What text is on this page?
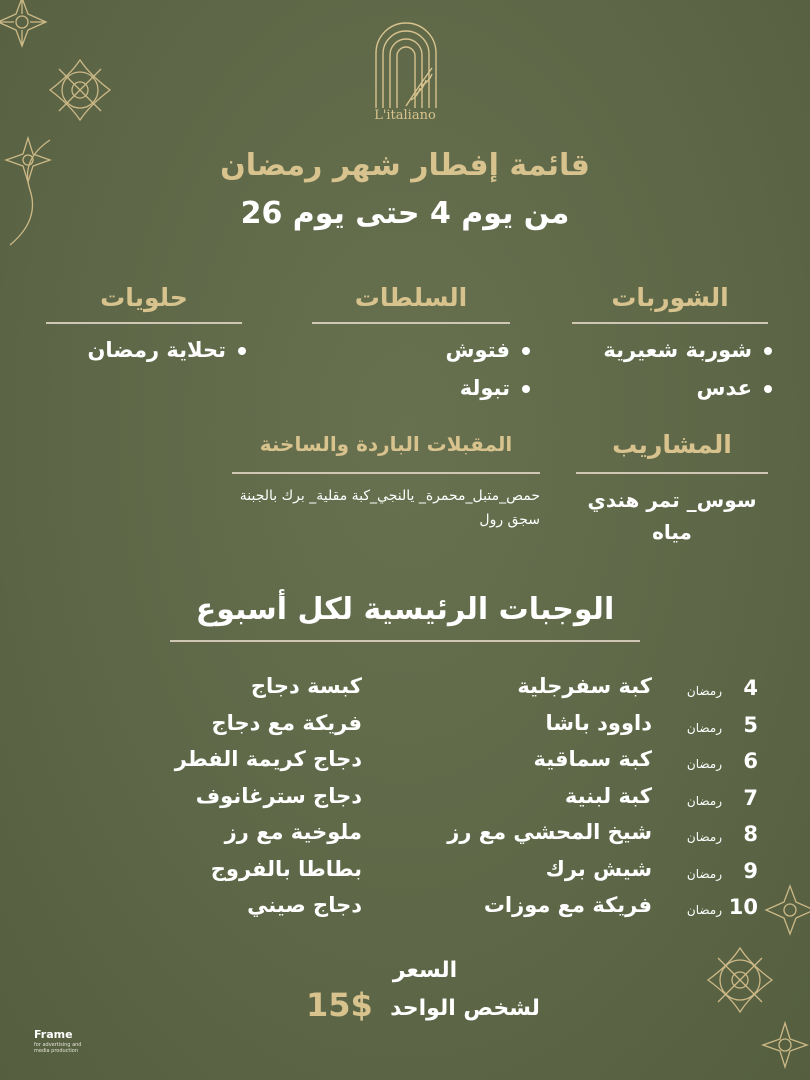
L'italiano
قائمة إفطار شهر رمضان
من يوم 4 حتى يوم 26
الشوربات
شوربة شعيرية
عدس
السلطات
فتوش
تبولة
حلويات
تحلاية رمضان
المشاريب
سوس_ تمر هندي
مياه
المقبلات الباردة والساخنة
حمص_متبل_محمرة_ يالنجي_كبة مقلية_ برك بالجبنة
سجق رول
الوجبات الرئيسية لكل أسبوع
4
رمضان
كبة سفرجلية
كبسة دجاج
5
رمضان
داوود باشا
فريكة مع دجاج
6
رمضان
كبة سماقية
دجاج كريمة الفطر
7
رمضان
كبة لبنية
دجاج سترغانوف
8
رمضان
شيخ المحشي مع رز
ملوخية مع رز
9
رمضان
شيش برك
بطاطا بالفروج
10
رمضان
فريكة مع موزات
دجاج صيني
السعر
لشخص الواحد
15$
Frame
for advertising and media production
